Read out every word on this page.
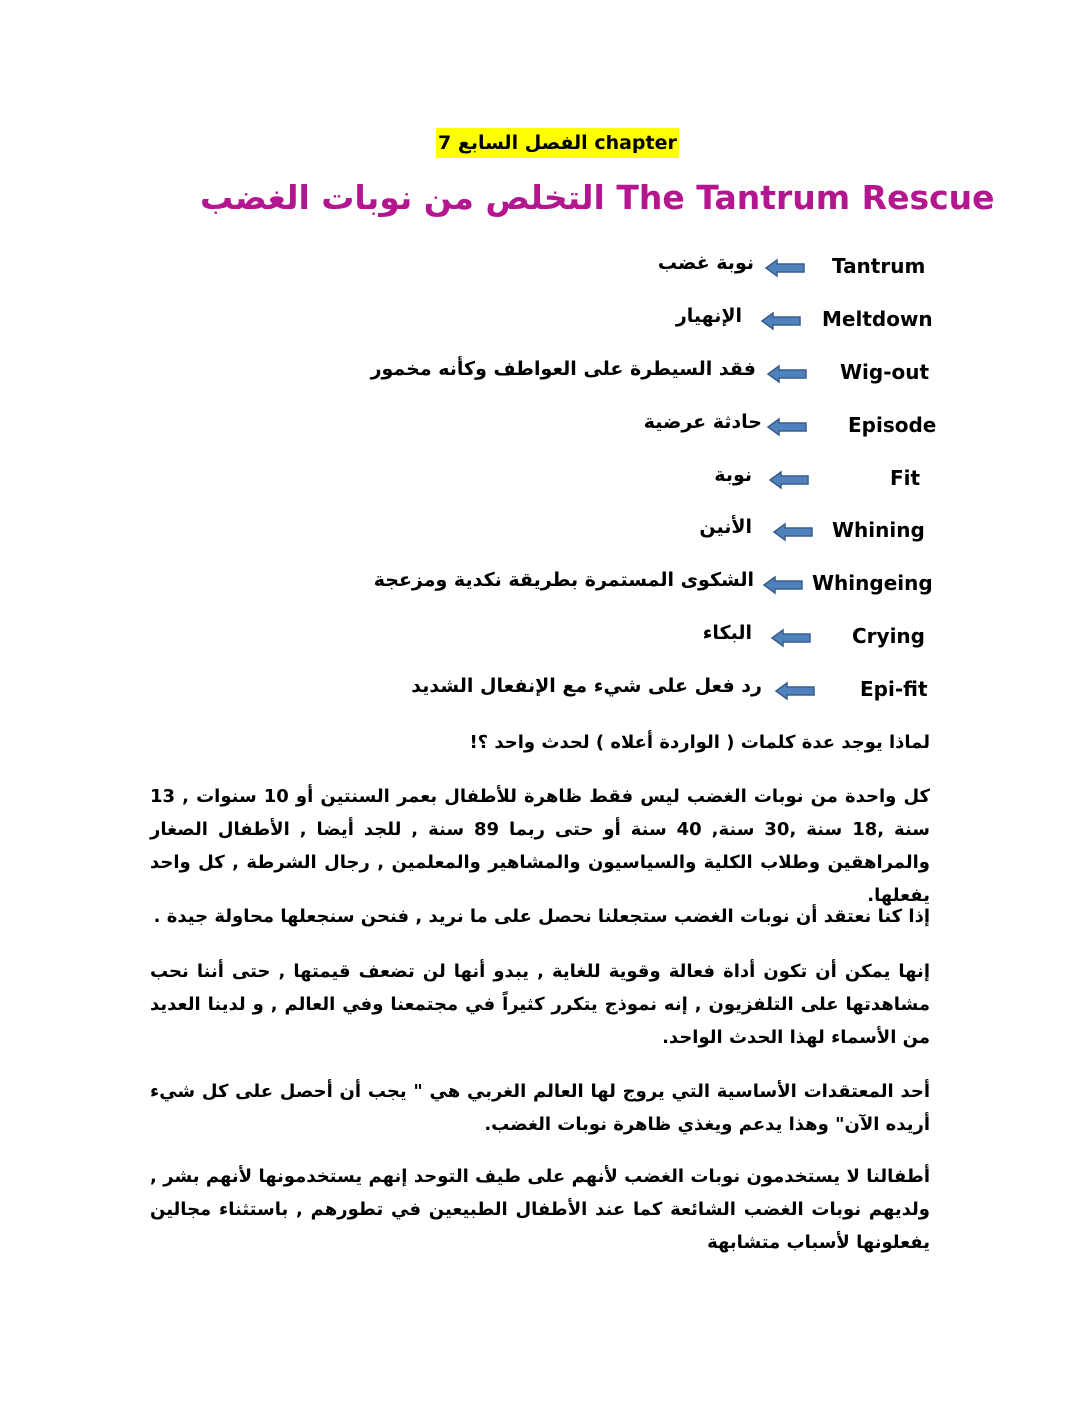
الفصل السابع 7 chapter
التخلص من نوبات الغضب The Tantrum Rescue
Tantrum
نوبة غضب
Meltdown
الإنهيار
Wig-out
فقد السيطرة على العواطف وكأنه مخمور
Episode
حادثة عرضية
Fit
نوبة
Whining
الأنين
Whingeing
الشكوى المستمرة بطريقة نكدية ومزعجة
Crying
البكاء
Epi-fit
رد فعل على شيء مع الإنفعال الشديد
لماذا يوجد عدة كلمات ( الواردة أعلاه ) لحدث واحد ؟!
كل واحدة من نوبات الغضب ليس فقط ظاهرة للأطفال بعمر السنتين أو 10 سنوات , 13 سنة ,18 سنة ,30 سنة, 40 سنة أو حتى ربما 89 سنة , للجد أيضا , الأطفال الصغار والمراهقين وطلاب الكلية والسياسيون والمشاهير والمعلمين , رجال الشرطة , كل واحد يفعلها.
إذا كنا نعتقد أن نوبات الغضب ستجعلنا نحصل على ما نريد , فنحن سنجعلها محاولة جيدة .
إنها يمكن أن تكون أداة فعالة وقوية للغاية , يبدو أنها لن تضعف قيمتها , حتى أننا نحب مشاهدتها على التلفزيون , إنه نموذج يتكرر كثيراً في مجتمعنا وفي العالم , و لدينا العديد من الأسماء لهذا الحدث الواحد.
أحد المعتقدات الأساسية التي يروج لها العالم الغربي هي " يجب أن أحصل على كل شيء أريده الآن" وهذا يدعم ويغذي ظاهرة نوبات الغضب.
أطفالنا لا يستخدمون نوبات الغضب لأنهم على طيف التوحد إنهم يستخدمونها لأنهم بشر , ولديهم نوبات الغضب الشائعة كما عند الأطفال الطبيعين في تطورهم , باستثناء مجالين يفعلونها لأسباب متشابهة
